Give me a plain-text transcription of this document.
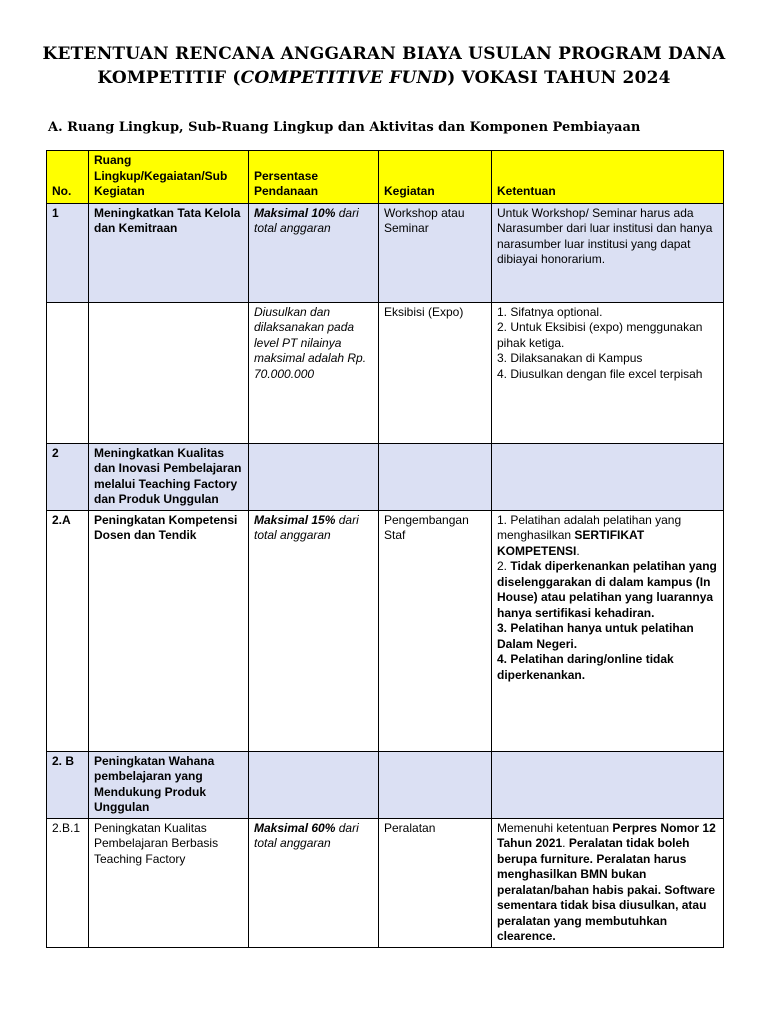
KETENTUAN RENCANA ANGGARAN BIAYA USULAN PROGRAM DANA
KOMPETITIF (COMPETITIVE FUND) VOKASI TAHUN 2024
A. Ruang Lingkup, Sub-Ruang Lingkup dan Aktivitas dan Komponen Pembiayaan
No.	Ruang Lingkup/Kegaiatan/Sub Kegiatan	Persentase Pendanaan	Kegiatan	Ketentuan
1	Meningkatkan Tata Kelola dan Kemitraan	Maksimal 10% dari total anggaran	Workshop atau Seminar	Untuk Workshop/ Seminar harus ada Narasumber dari luar institusi dan hanya narasumber luar institusi yang dapat dibiayai honorarium.
		Diusulkan dan dilaksanakan pada level PT nilainya maksimal adalah Rp. 70.000.000	Eksibisi (Expo)	1. Sifatnya optional.
2. Untuk Eksibisi (expo) menggunakan pihak ketiga.
3. Dilaksanakan di Kampus
4. Diusulkan dengan file excel terpisah

2	Meningkatkan Kualitas dan Inovasi Pembelajaran melalui Teaching Factory dan Produk Unggulan			
2.A	Peningkatan Kompetensi Dosen dan Tendik	Maksimal 15% dari total anggaran	Pengembangan Staf	1. Pelatihan adalah pelatihan yang menghasilkan SERTIFIKAT KOMPETENSI.
2. Tidak diperkenankan pelatihan yang diselenggarakan di dalam kampus (In House) atau pelatihan yang luarannya hanya sertifikasi kehadiran.
3. Pelatihan hanya untuk pelatihan Dalam Negeri.
4. Pelatihan daring/online tidak diperkenankan.

2. B	Peningkatan Wahana pembelajaran yang Mendukung Produk Unggulan			
2.B.1	Peningkatan Kualitas Pembelajaran Berbasis Teaching Factory	Maksimal 60% dari total anggaran	Peralatan	Memenuhi ketentuan Perpres Nomor 12 Tahun 2021. Peralatan tidak boleh berupa furniture. Peralatan harus menghasilkan BMN bukan peralatan/bahan habis pakai. Software sementara tidak bisa diusulkan, atau peralatan yang membutuhkan clearence.
